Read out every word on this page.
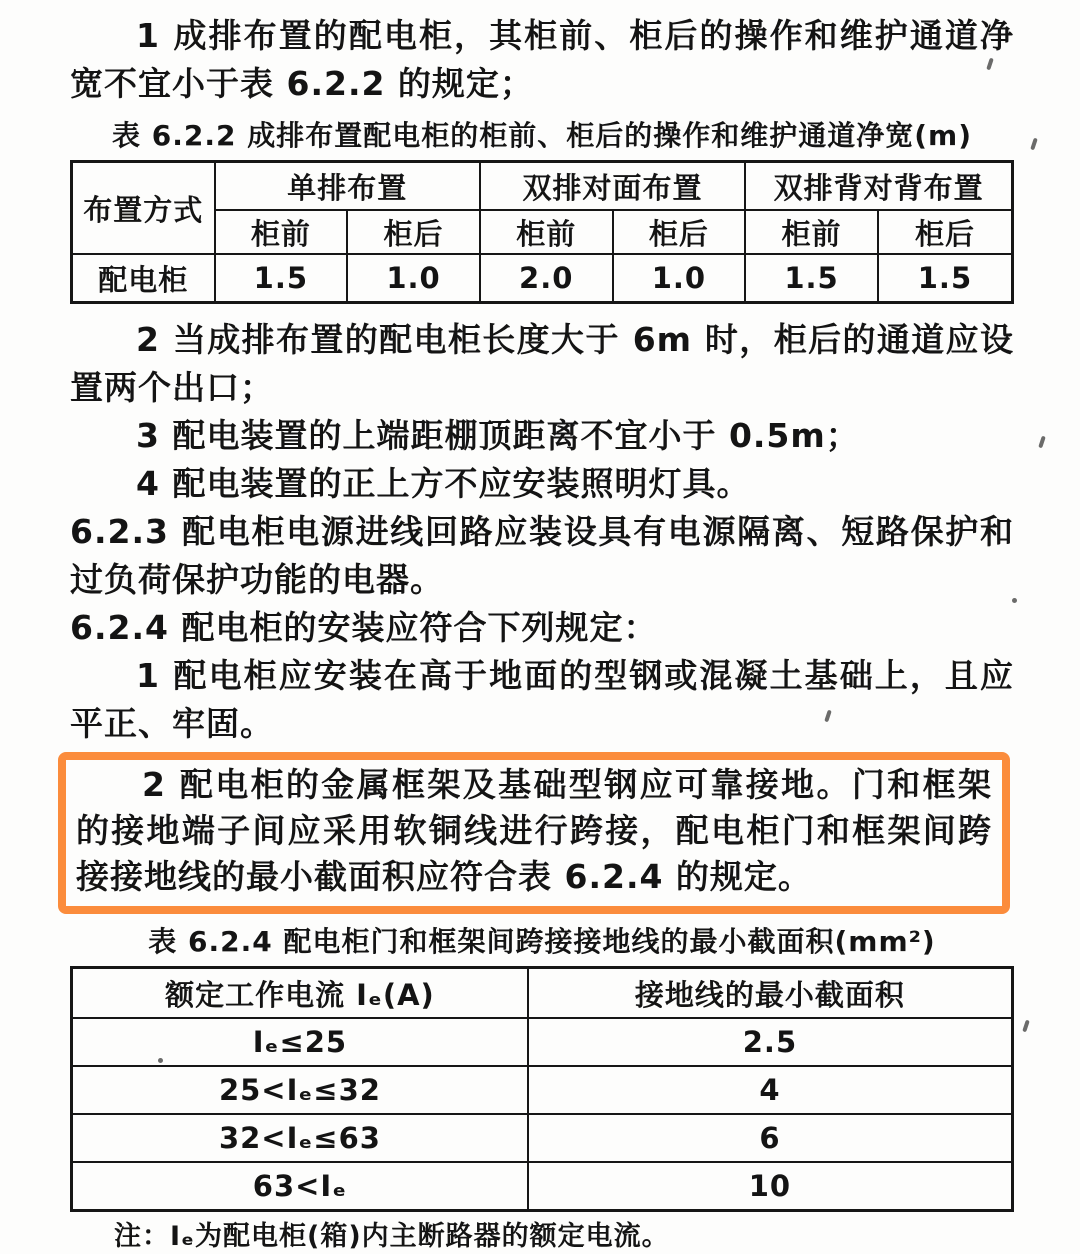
1 成排布置的配电柜，其柜前、柜后的操作和维护通道净宽不宜小于表 6.2.2 的规定；

表 6.2.2 成排布置配电柜的柜前、柜后的操作和维护通道净宽(m)

布置方式	单排布置		双排对面布置		双排背对背布置	
	柜前	柜后	柜前	柜后	柜前	柜后
配电柜	1.5	1.0	2.0	1.0	1.5	1.5

2 当成排布置的配电柜长度大于 6m 时，柜后的通道应设置两个出口；

3 配电装置的上端距棚顶距离不宜小于 0.5m；

4 配电装置的正上方不应安装照明灯具。

6.2.3 配电柜电源进线回路应装设具有电源隔离、短路保护和过负荷保护功能的电器。

6.2.4 配电柜的安装应符合下列规定：

1 配电柜应安装在高于地面的型钢或混凝土基础上，且应平正、牢固。

2 配电柜的金属框架及基础型钢应可靠接地。门和框架的接地端子间应采用软铜线进行跨接，配电柜门和框架间跨接接地线的最小截面积应符合表 6.2.4 的规定。

表 6.2.4 配电柜门和框架间跨接接地线的最小截面积(mm²)

额定工作电流 Iₑ(A)	接地线的最小截面积
Iₑ≤25	2.5
25<Iₑ≤32	4
32<Iₑ≤63	6
63<Iₑ	10

注：Iₑ为配电柜(箱)内主断路器的额定电流。
